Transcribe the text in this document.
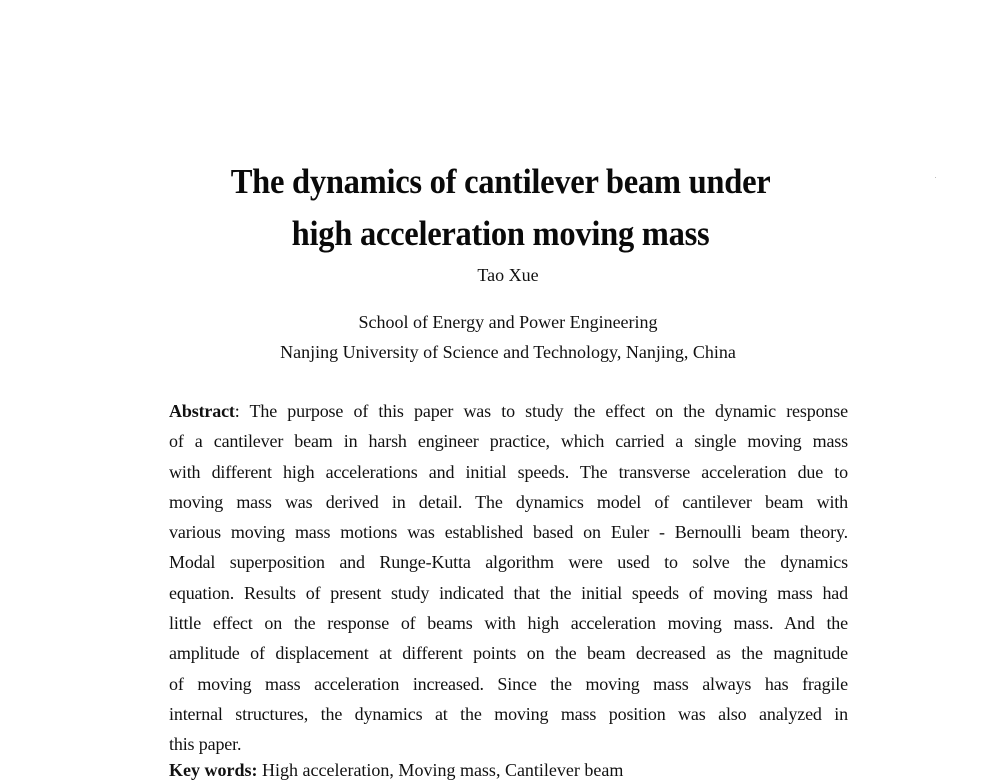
The dynamics of cantilever beam under
high acceleration moving mass
Tao Xue
School of Energy and Power Engineering
Nanjing University of Science and Technology, Nanjing, China
Abstract: The purpose of this paper was to study the effect on the dynamic response
of a cantilever beam in harsh engineer practice, which carried a single moving mass
with different high accelerations and initial speeds. The transverse acceleration due to
moving mass was derived in detail. The dynamics model of cantilever beam with
various moving mass motions was established based on Euler - Bernoulli beam theory.
Modal superposition and Runge-Kutta algorithm were used to solve the dynamics
equation. Results of present study indicated that the initial speeds of moving mass had
little effect on the response of beams with high acceleration moving mass. And the
amplitude of displacement at different points on the beam decreased as the magnitude
of moving mass acceleration increased. Since the moving mass always has fragile
internal structures, the dynamics at the moving mass position was also analyzed in
this paper.
Key words: High acceleration, Moving mass, Cantilever beam
